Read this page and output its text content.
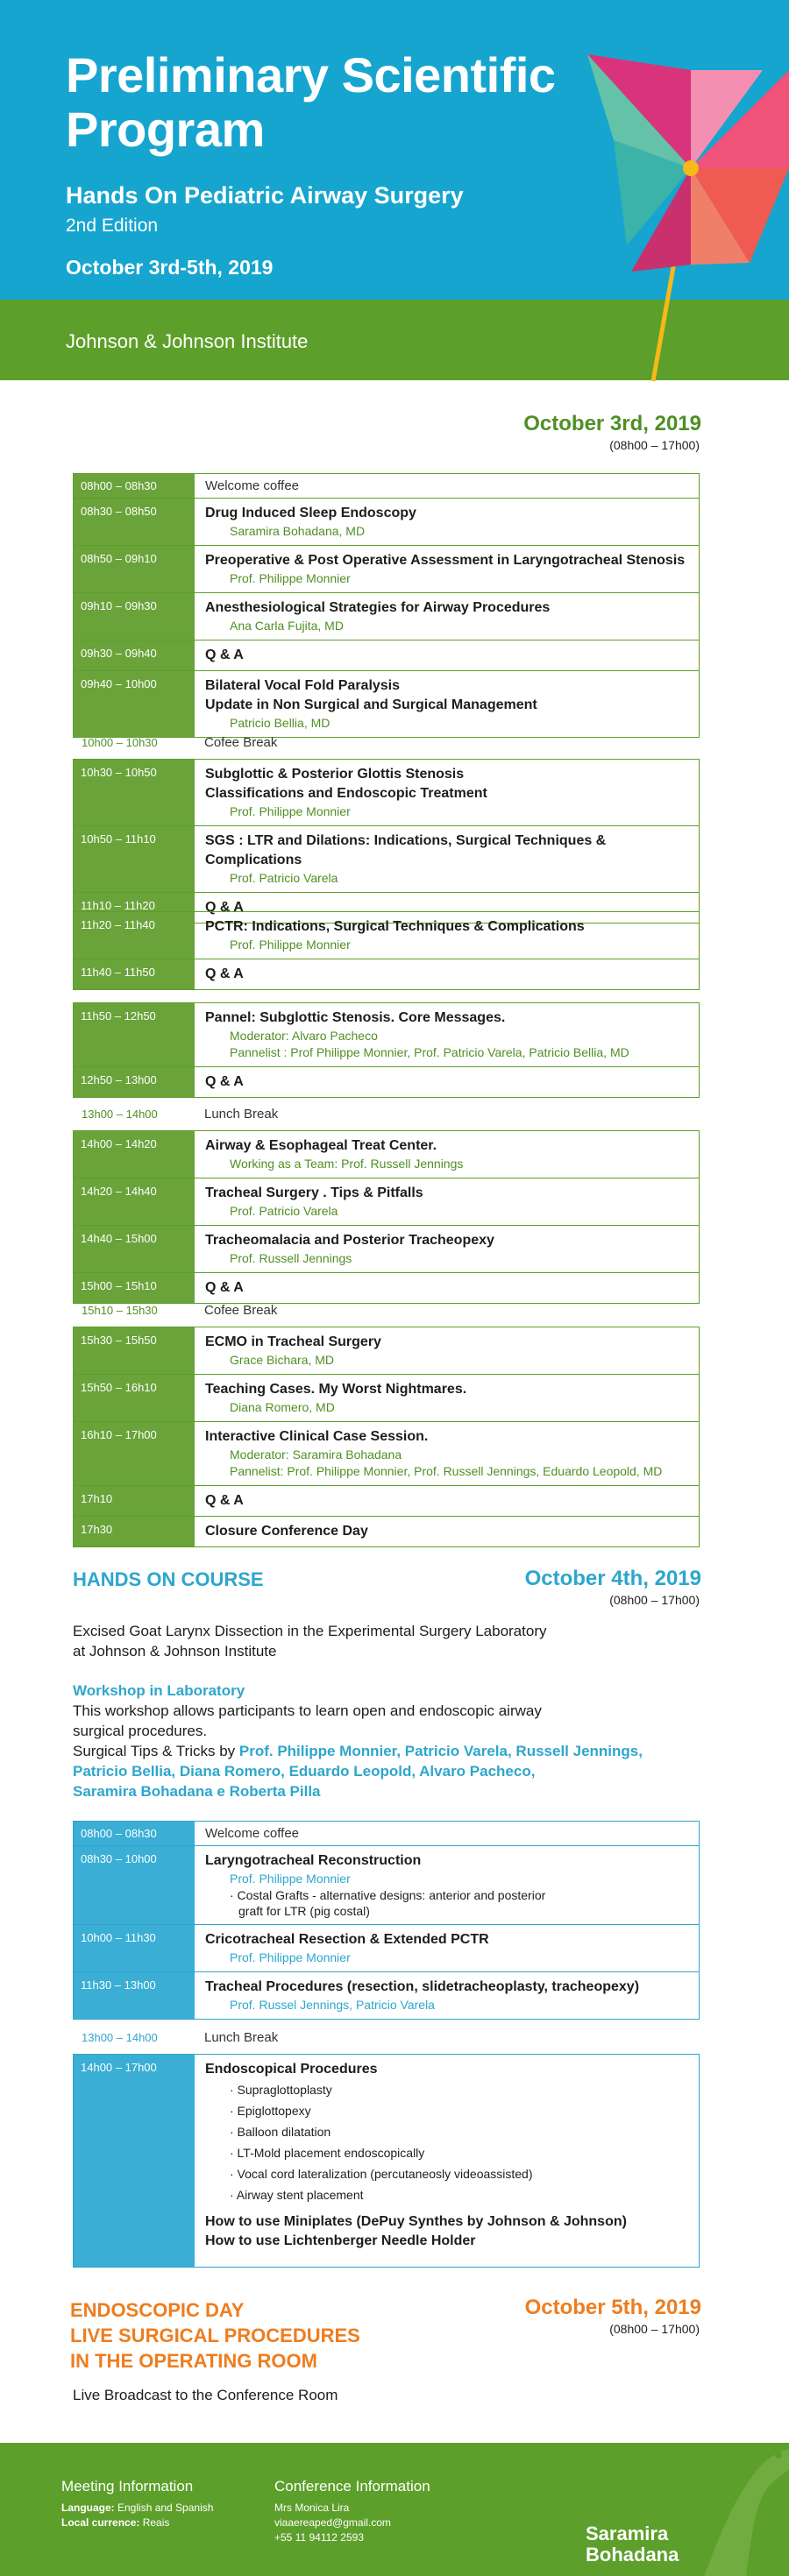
Preliminary Scientific Program
Hands On Pediatric Airway Surgery
2nd Edition
October 3rd-5th, 2019
Johnson & Johnson Institute
October 3rd, 2019
(08h00 – 17h00)
08h00 – 08h30	Welcome coffee
08h30 – 08h50	Drug Induced Sleep Endoscopy
Saramira Bohadana, MD
08h50 – 09h10	Preoperative & Post Operative Assessment in Laryngotracheal Stenosis
Prof. Philippe Monnier
09h10 – 09h30	Anesthesiological Strategies for Airway Procedures
Ana Carla Fujita, MD
09h30 – 09h40	Q & A
09h40 – 10h00	Bilateral Vocal Fold Paralysis
Update in Non Surgical and Surgical Management
Patricio Bellia, MD
10h00 – 10h30	Cofee Break
10h30 – 10h50	Subglottic & Posterior Glottis Stenosis
Classifications and Endoscopic Treatment
Prof. Philippe Monnier
10h50 – 11h10	SGS : LTR and Dilations: Indications, Surgical Techniques & Complications
Prof. Patricio Varela
11h10 – 11h20	Q & A
11h20 – 11h40	PCTR: Indications, Surgical Techniques & Complications
Prof. Philippe Monnier
11h40 – 11h50	Q & A
11h50 – 12h50	Pannel: Subglottic Stenosis. Core Messages.
Moderator: Alvaro Pacheco
Pannelist : Prof Philippe Monnier, Prof. Patricio Varela, Patricio Bellia, MD
12h50 – 13h00	Q & A
13h00 – 14h00	Lunch Break
14h00 – 14h20	Airway & Esophageal Treat Center.
Working as a Team: Prof. Russell Jennings
14h20 – 14h40	Tracheal Surgery . Tips & Pitfalls
Prof. Patricio Varela
14h40 – 15h00	Tracheomalacia and Posterior Tracheopexy
Prof. Russell Jennings
15h00 – 15h10	Q & A
15h10 – 15h30	Cofee Break
15h30 – 15h50	ECMO in Tracheal Surgery
Grace Bichara, MD
15h50 – 16h10	Teaching Cases. My Worst Nightmares.
Diana Romero, MD
16h10 – 17h00	Interactive Clinical Case Session.
Moderator: Saramira Bohadana
Pannelist: Prof. Philippe Monnier, Prof. Russell Jennings, Eduardo Leopold, MD
17h10	Q & A
17h30	Closure Conference Day
HANDS ON COURSE	October 4th, 2019
(08h00 – 17h00)
Excised Goat Larynx Dissection in the Experimental Surgery Laboratory
at Johnson & Johnson Institute
Workshop in Laboratory
This workshop allows participants to learn open and endoscopic airway
surgical procedures.
Surgical Tips & Tricks by Prof. Philippe Monnier, Patricio Varela, Russell Jennings,
Patricio Bellia, Diana Romero, Eduardo Leopold, Alvaro Pacheco,
Saramira Bohadana e Roberta Pilla
08h00 – 08h30	Welcome coffee
08h30 – 10h00	Laryngotracheal Reconstruction
Prof. Philippe Monnier
· Costal Grafts - alternative designs: anterior and posterior
graft for LTR (pig costal)
10h00 – 11h30	Cricotracheal Resection & Extended PCTR
Prof. Philippe Monnier
11h30 – 13h00	Tracheal Procedures (resection, slidetracheoplasty, tracheopexy)
Prof. Russel Jennings, Patricio Varela
13h00 – 14h00	Lunch Break
14h00 – 17h00	Endoscopical Procedures
· Supraglottoplasty
· Epiglottopexy
· Balloon dilatation
· LT-Mold placement endoscopically
· Vocal cord lateralization (percutaneosly videoassisted)
· Airway stent placement
How to use Miniplates (DePuy Synthes by Johnson & Johnson)
How to use Lichtenberger Needle Holder
ENDOSCOPIC DAY
LIVE SURGICAL PROCEDURES
IN THE OPERATING ROOM
October 5th, 2019
(08h00 – 17h00)
Live Broadcast to the Conference Room
Meeting Information
Language: English and Spanish
Local currence: Reais
Conference Information
Mrs Monica Lira
viaaereaped@gmail.com
+55 11 94112 2593	Saramira
Bohadana
